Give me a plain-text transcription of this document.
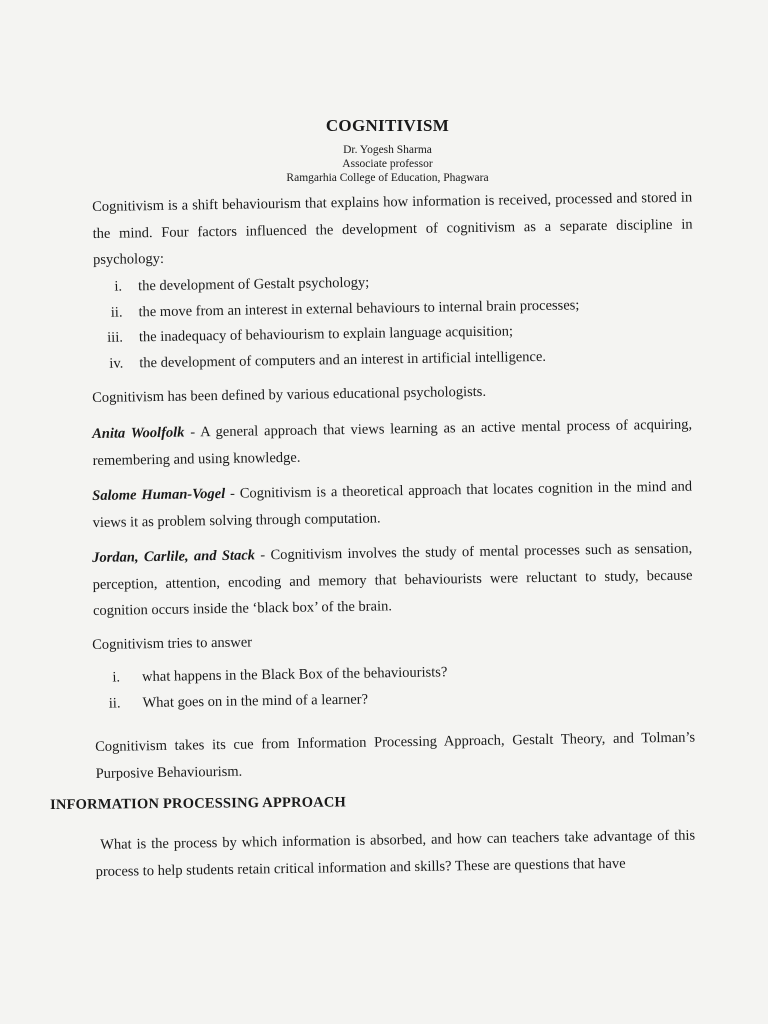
COGNITIVISM
Dr. Yogesh Sharma
Associate professor
Ramgarhia College of Education, Phagwara
Cognitivism is a shift behaviourism that explains how information is received, processed and stored in the mind. Four factors influenced the development of cognitivism as a separate discipline in psychology:
i. the development of Gestalt psychology;
ii. the move from an interest in external behaviours to internal brain processes;
iii. the inadequacy of behaviourism to explain language acquisition;
iv. the development of computers and an interest in artificial intelligence.
Cognitivism has been defined by various educational psychologists.
Anita Woolfolk - A general approach that views learning as an active mental process of acquiring, remembering and using knowledge.
Salome Human-Vogel - Cognitivism is a theoretical approach that locates cognition in the mind and views it as problem solving through computation.
Jordan, Carlile, and Stack - Cognitivism involves the study of mental processes such as sensation, perception, attention, encoding and memory that behaviourists were reluctant to study, because cognition occurs inside the ‘black box’ of the brain.
Cognitivism tries to answer
i. what happens in the Black Box of the behaviourists?
ii. What goes on in the mind of a learner?
Cognitivism takes its cue from Information Processing Approach, Gestalt Theory, and Tolman’s Purposive Behaviourism.
INFORMATION PROCESSING APPROACH
What is the process by which information is absorbed, and how can teachers take advantage of this process to help students retain critical information and skills? These are questions that have
